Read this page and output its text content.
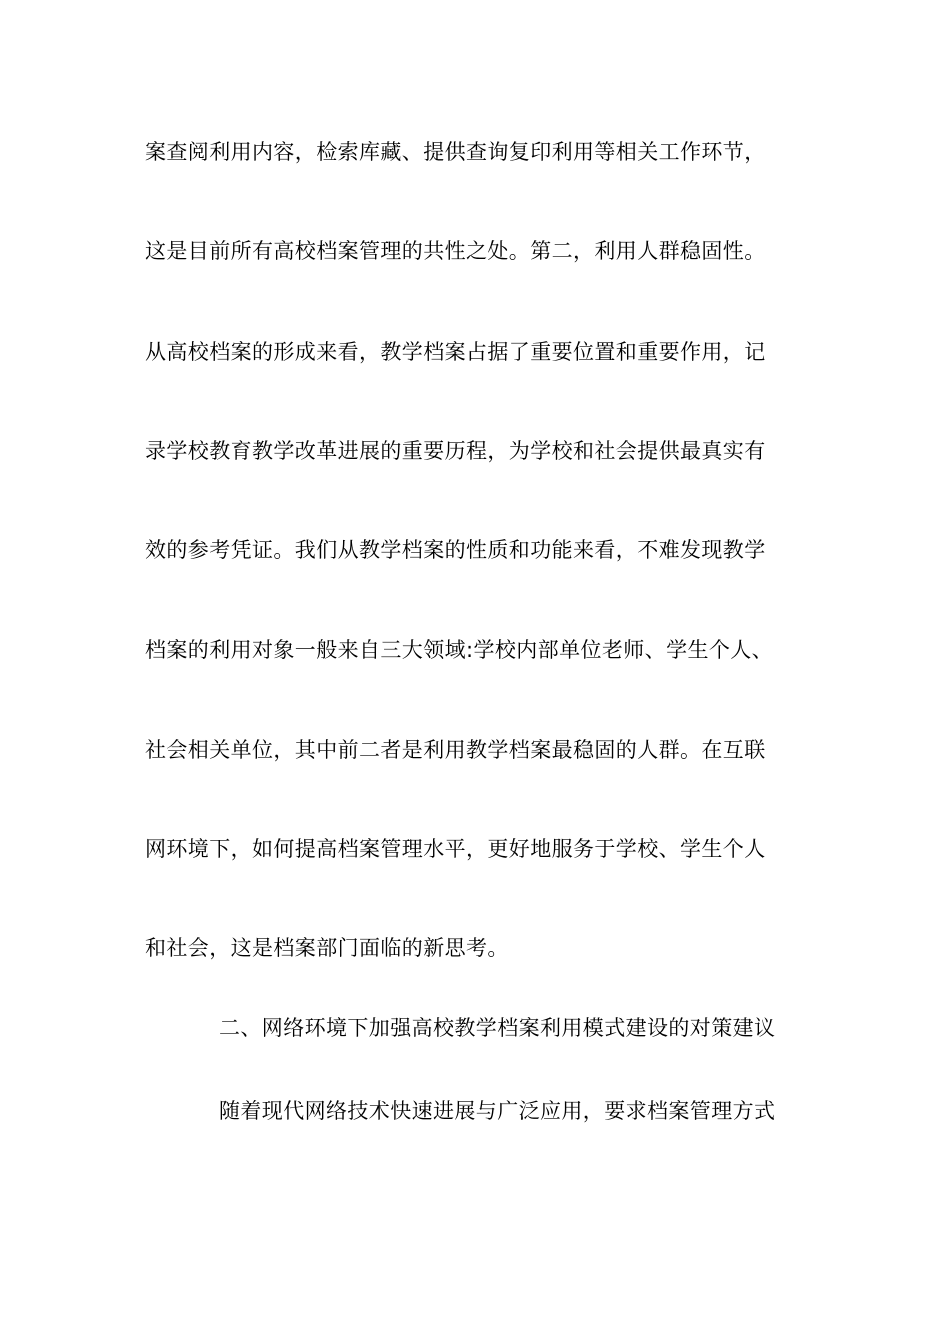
案查阅利用内容，检索库藏、提供查询复印利用等相关工作环节，
这是目前所有高校档案管理的共性之处。第二，利用人群稳固性。
从高校档案的形成来看，教学档案占据了重要位置和重要作用，记
录学校教育教学改革进展的重要历程，为学校和社会提供最真实有
效的参考凭证。我们从教学档案的性质和功能来看，不难发现教学
档案的利用对象一般来自三大领域:学校内部单位老师、学生个人、
社会相关单位，其中前二者是利用教学档案最稳固的人群。在互联
网环境下，如何提高档案管理水平，更好地服务于学校、学生个人
和社会，这是档案部门面临的新思考。
二、网络环境下加强高校教学档案利用模式建设的对策建议
随着现代网络技术快速进展与广泛应用，要求档案管理方式
